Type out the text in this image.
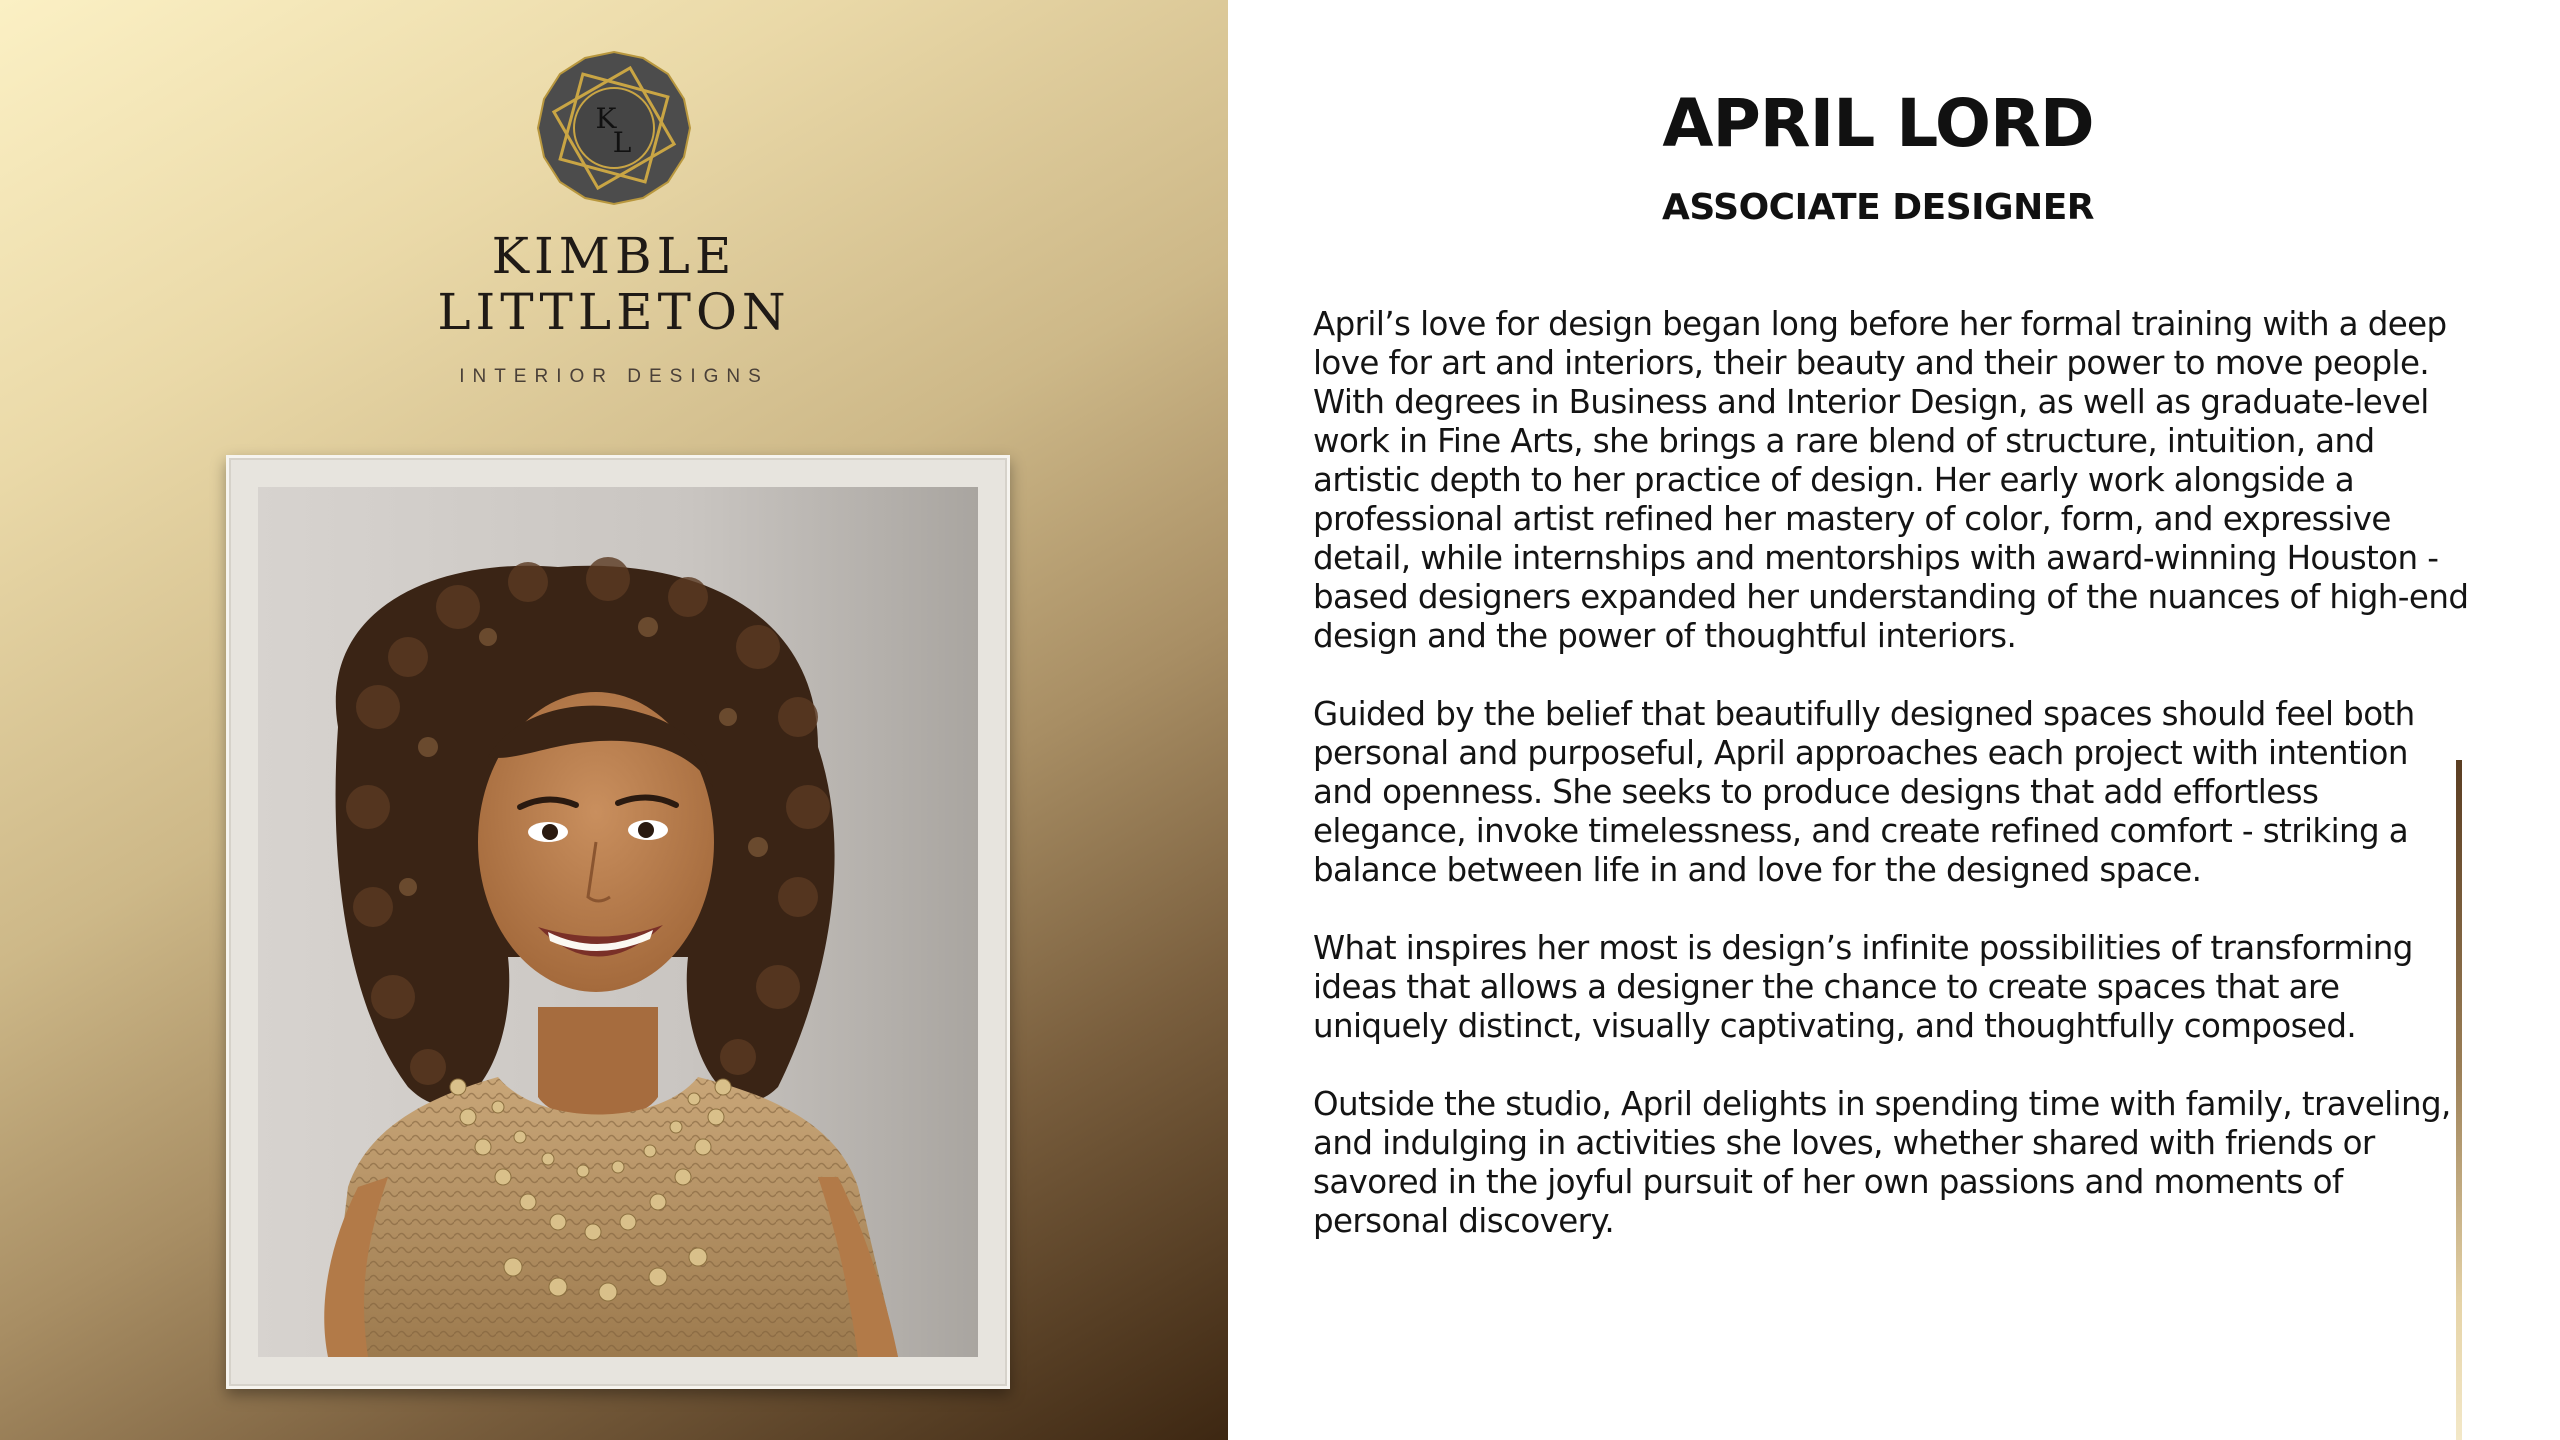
K
L
KIMBLE
LITTLETON
INTERIOR DESIGNS
APRIL LORD
ASSOCIATE DESIGNER

April’s love for design began long before her formal training with a deep love for art and interiors, their beauty and their power to move people. With degrees in Business and Interior Design, as well as graduate-level work in Fine Arts, she brings a rare blend of structure, intuition, and artistic depth to her practice of design. Her early work alongside a professional artist refined her mastery of color, form, and expressive detail, while internships and mentorships with award-winning Houston - based designers expanded her understanding of the nuances of high-end design and the power of thoughtful interiors.

Guided by the belief that beautifully designed spaces should feel both personal and purposeful, April approaches each project with intention and openness. She seeks to produce designs that add effortless elegance, invoke timelessness, and create refined comfort - striking a balance between life in and love for the designed space.

What inspires her most is design’s infinite possibilities of transforming ideas that allows a designer the chance to create spaces that are uniquely distinct, visually captivating, and thoughtfully composed.

Outside the studio, April delights in spending time with family, traveling, and indulging in activities she loves, whether shared with friends or savored in the joyful pursuit of her own passions and moments of personal discovery.
